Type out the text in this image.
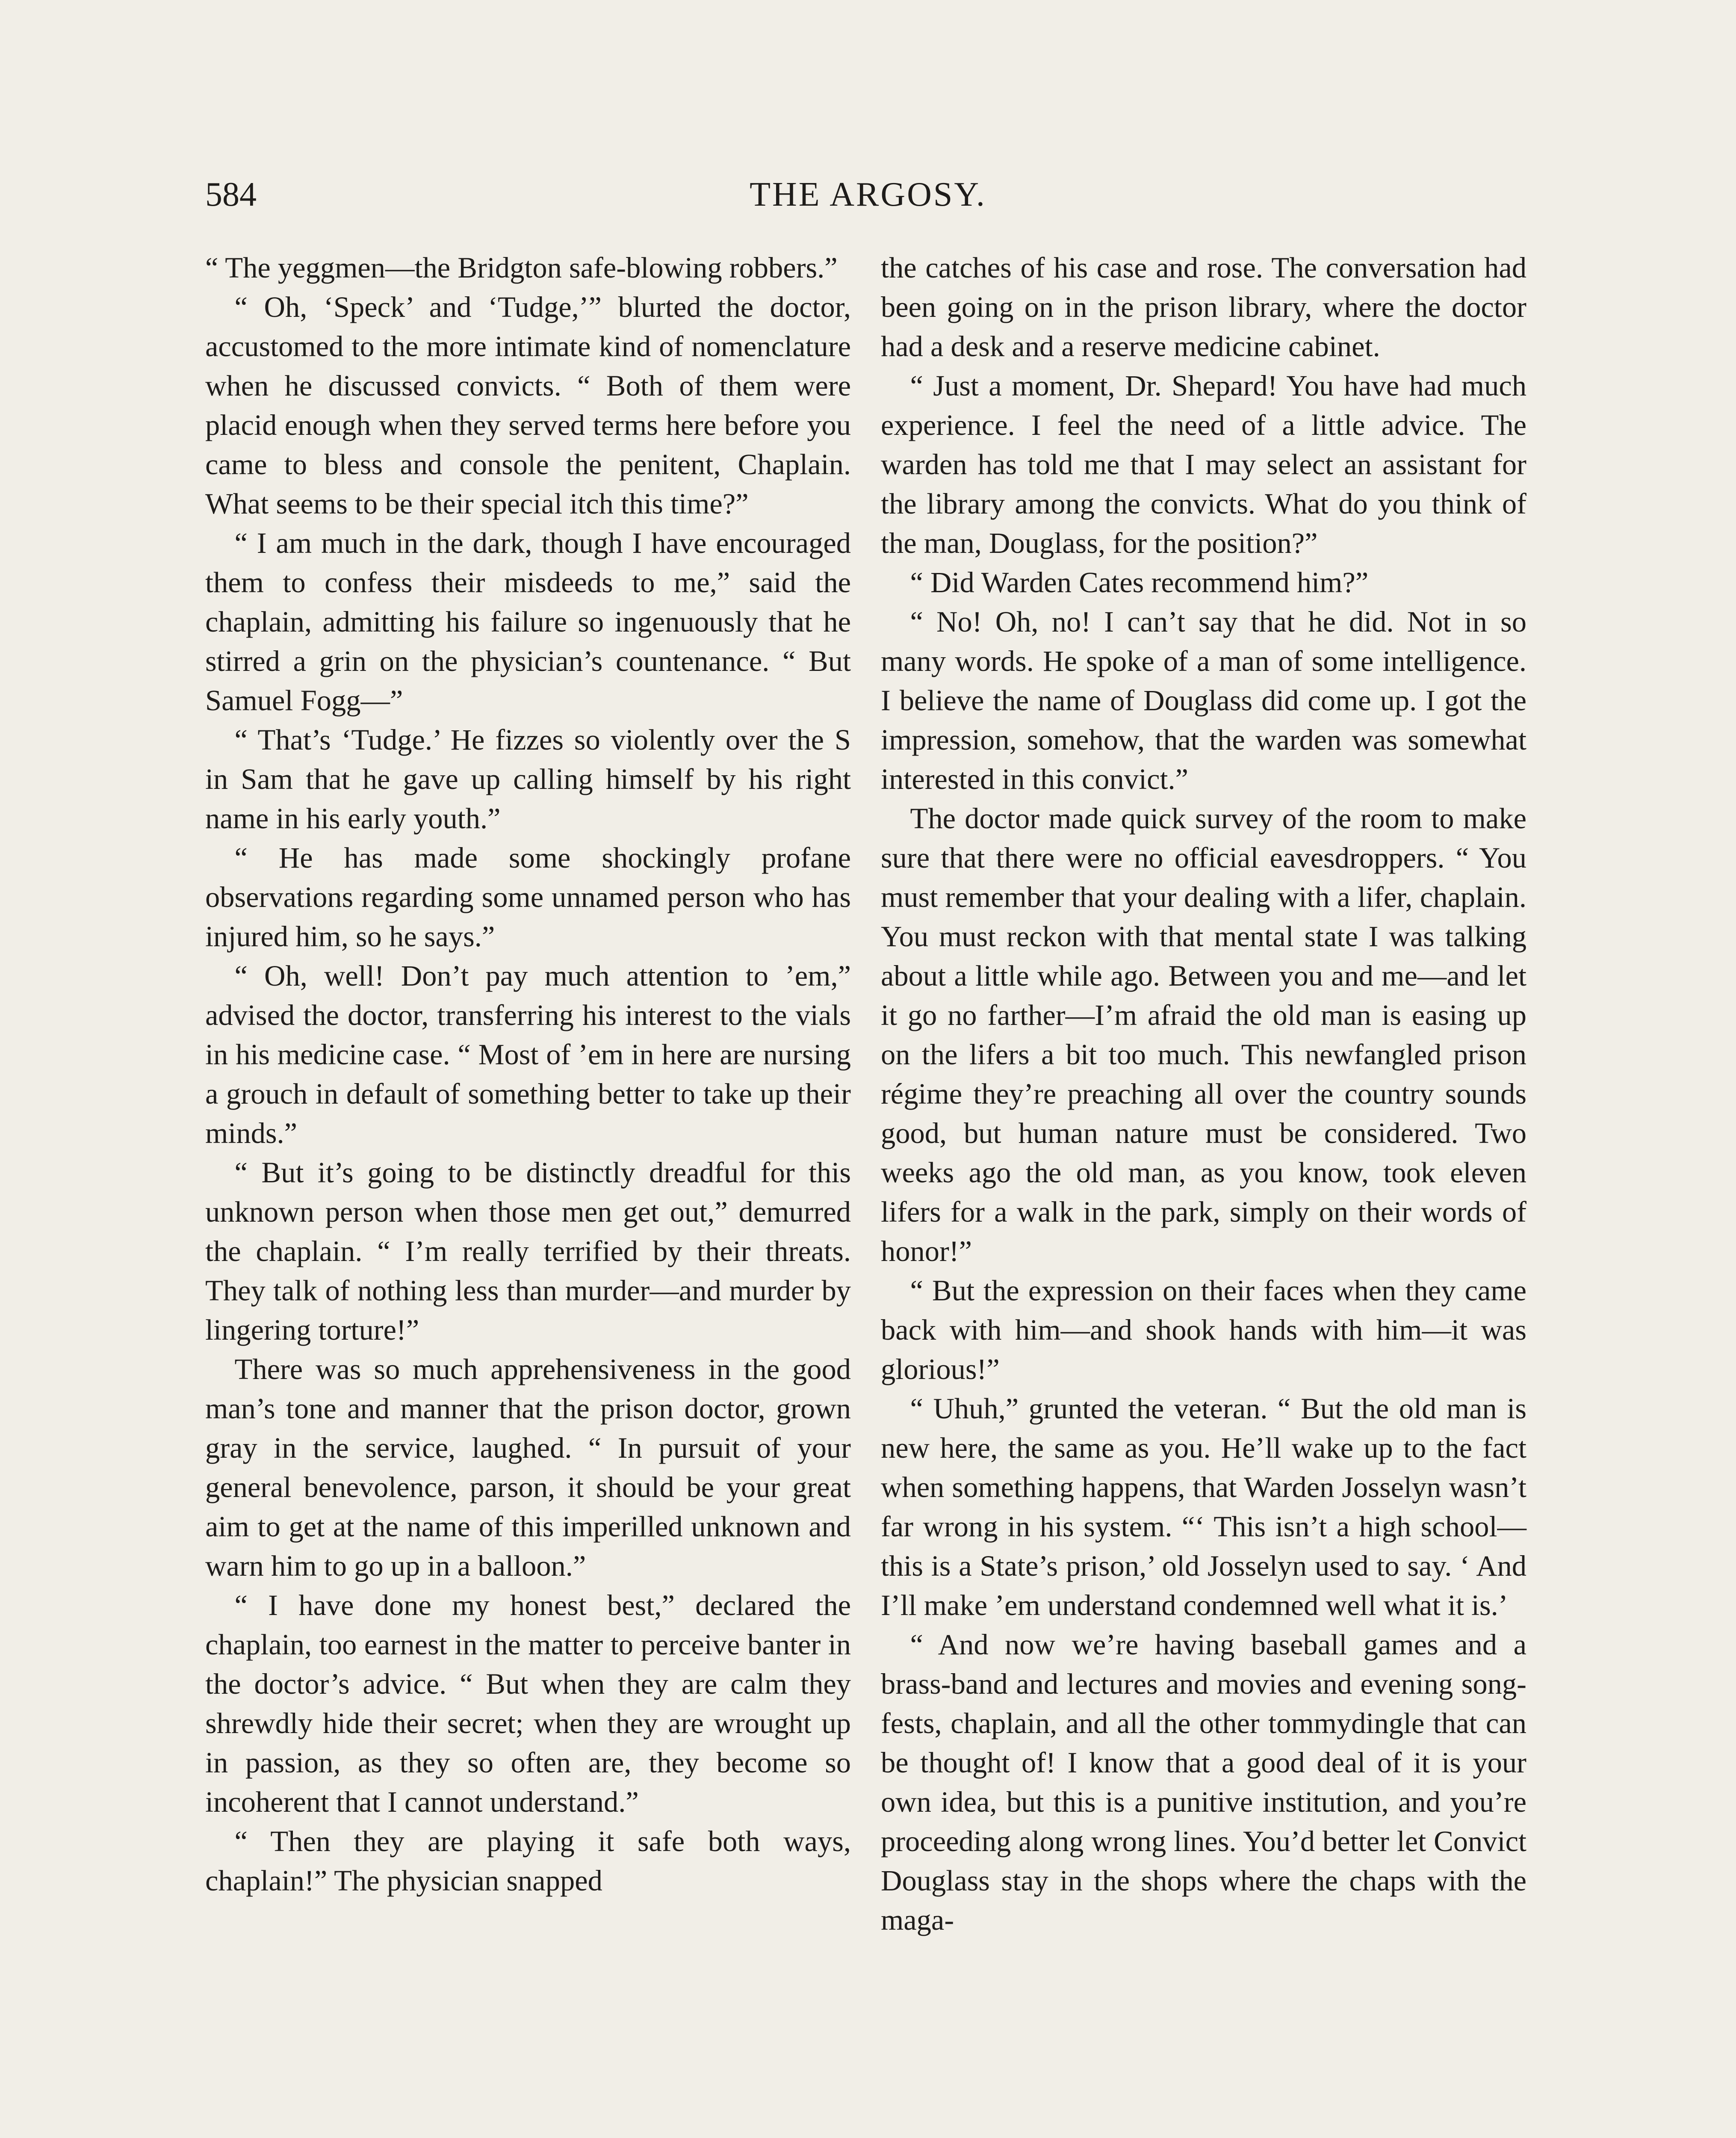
584	THE ARGOSY.

“ The yeggmen—the Bridgton safe-blowing robbers.”

“ Oh, ‘Speck’ and ‘Tudge,’” blurted the doctor, accustomed to the more intimate kind of nomenclature when he discussed convicts. “ Both of them were placid enough when they served terms here before you came to bless and console the penitent, Chaplain. What seems to be their special itch this time?”

“ I am much in the dark, though I have encouraged them to confess their misdeeds to me,” said the chaplain, admitting his failure so ingenuously that he stirred a grin on the physician’s countenance. “ But Samuel Fogg—”

“ That’s ‘Tudge.’ He fizzes so violently over the S in Sam that he gave up calling himself by his right name in his early youth.”

“ He has made some shockingly profane observations regarding some unnamed person who has injured him, so he says.”

“ Oh, well! Don’t pay much attention to ’em,” advised the doctor, transferring his interest to the vials in his medicine case. “ Most of ’em in here are nursing a grouch in default of something better to take up their minds.”

“ But it’s going to be distinctly dreadful for this unknown person when those men get out,” demurred the chaplain. “ I’m really terrified by their threats. They talk of nothing less than murder—and murder by lingering torture!”

There was so much apprehensiveness in the good man’s tone and manner that the prison doctor, grown gray in the service, laughed. “ In pursuit of your general benevolence, parson, it should be your great aim to get at the name of this imperilled unknown and warn him to go up in a balloon.”

“ I have done my honest best,” declared the chaplain, too earnest in the matter to perceive banter in the doctor’s advice. “ But when they are calm they shrewdly hide their secret; when they are wrought up in passion, as they so often are, they become so incoherent that I cannot understand.”

“ Then they are playing it safe both ways, chaplain!” The physician snapped

the catches of his case and rose. The conversation had been going on in the prison library, where the doctor had a desk and a reserve medicine cabinet.

“ Just a moment, Dr. Shepard! You have had much experience. I feel the need of a little advice. The warden has told me that I may select an assistant for the library among the convicts. What do you think of the man, Douglass, for the position?”

“ Did Warden Cates recommend him?”

“ No! Oh, no! I can’t say that he did. Not in so many words. He spoke of a man of some intelligence. I believe the name of Douglass did come up. I got the impression, somehow, that the warden was somewhat interested in this convict.”

The doctor made quick survey of the room to make sure that there were no official eavesdroppers. “ You must remember that your dealing with a lifer, chaplain. You must reckon with that mental state I was talking about a little while ago. Between you and me—and let it go no farther—I’m afraid the old man is easing up on the lifers a bit too much. This newfangled prison régime they’re preaching all over the country sounds good, but human nature must be considered. Two weeks ago the old man, as you know, took eleven lifers for a walk in the park, simply on their words of honor!”

“ But the expression on their faces when they came back with him—and shook hands with him—it was glorious!”

“ Uhuh,” grunted the veteran. “ But the old man is new here, the same as you. He’ll wake up to the fact when something happens, that Warden Josselyn wasn’t far wrong in his system. “‘ This isn’t a high school—this is a State’s prison,’ old Josselyn used to say. ‘ And I’ll make ’em understand condemned well what it is.’

“ And now we’re having baseball games and a brass-band and lectures and movies and evening song-fests, chaplain, and all the other tommydingle that can be thought of! I know that a good deal of it is your own idea, but this is a punitive institution, and you’re proceeding along wrong lines. You’d better let Convict Douglass stay in the shops where the chaps with the maga-
